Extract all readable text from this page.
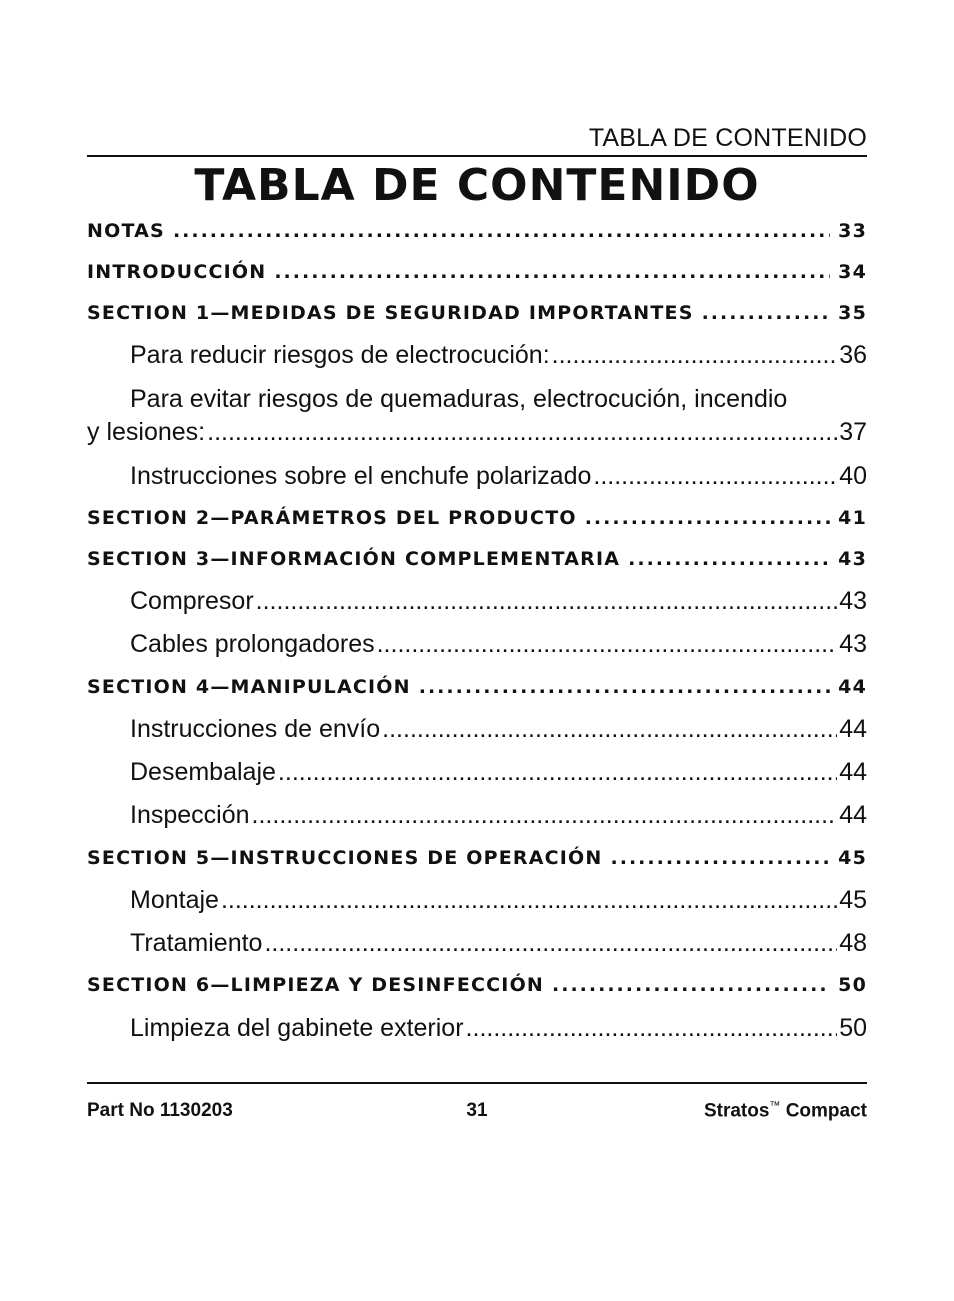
TABLA DE CONTENIDO
TABLA DE CONTENIDO
NOTAS .....	33
INTRODUCCIÓN .....	34
SECTION 1—MEDIDAS DE SEGURIDAD IMPORTANTES .....	35
Para reducir riesgos de electrocución: .....	36
Para evitar riesgos de quemaduras, electrocución, incendio
y lesiones: .....	37
Instrucciones sobre el enchufe polarizado .....	40
SECTION 2—PARÁMETROS DEL PRODUCTO .....	41
SECTION 3—INFORMACIÓN COMPLEMENTARIA .....	43
Compresor .....	43
Cables prolongadores .....	43
SECTION 4—MANIPULACIÓN .....	44
Instrucciones de envío .....	44
Desembalaje .....	44
Inspección .....	44
SECTION 5—INSTRUCCIONES DE OPERACIÓN .....	45
Montaje .....	45
Tratamiento .....	48
SECTION 6—LIMPIEZA Y DESINFECCIÓN .....	50
Limpieza del gabinete exterior .....	50
Part No 1130203	31	Stratos™ Compact
